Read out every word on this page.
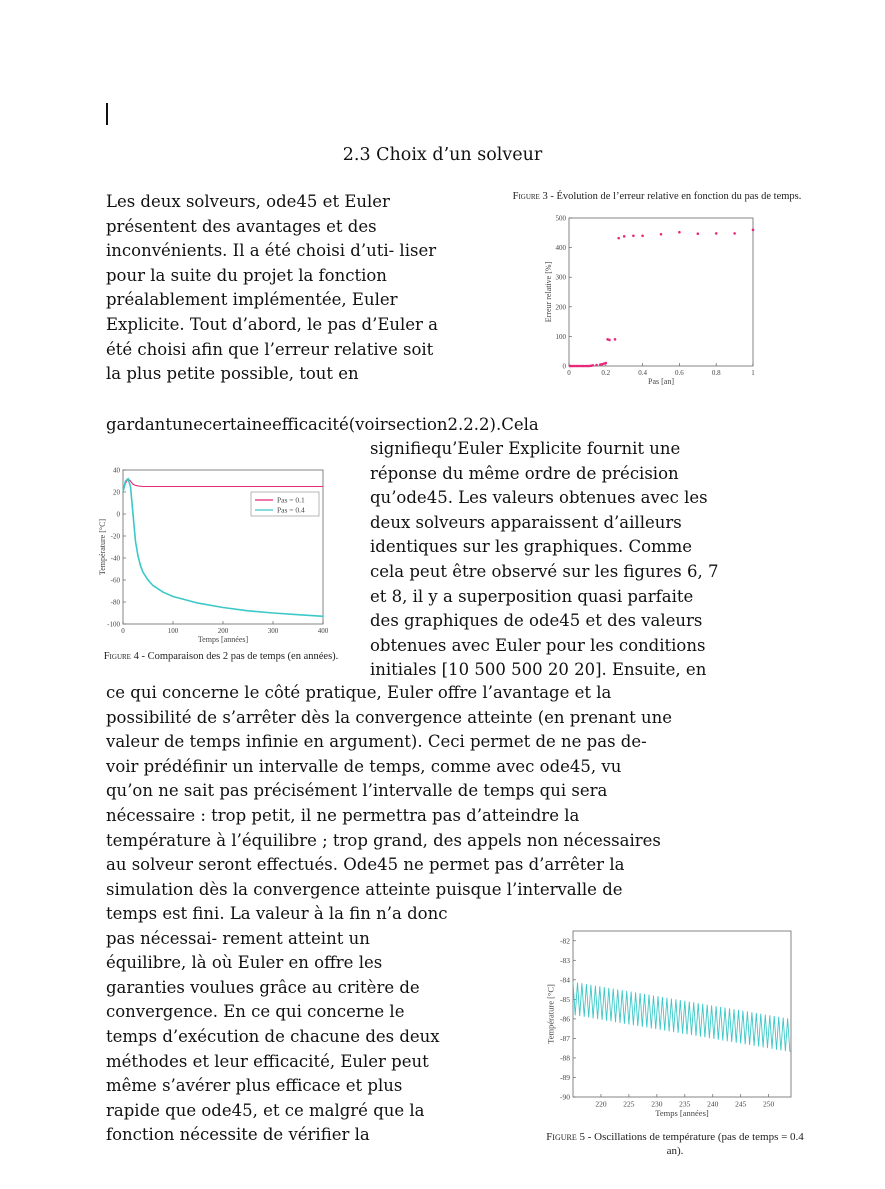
2.3 Choix d’un solveur
Les deux solveurs, ode45 et Euler
présentent des avantages et des
inconvénients. Il a été choisi d’uti- liser
pour la suite du projet la fonction
préalablement implémentée, Euler
Explicite. Tout d’abord, le pas d’Euler a
été choisi afin que l’erreur relative soit
la plus petite possible, tout en
gardantunecertaineefficacité(voirsection2.2.2).Cela
signifiequ’Euler Explicite fournit une
réponse du même ordre de précision
qu’ode45. Les valeurs obtenues avec les
deux solveurs apparaissent d’ailleurs
identiques sur les graphiques. Comme
cela peut être observé sur les figures 6, 7
et 8, il y a superposition quasi parfaite
des graphiques de ode45 et des valeurs
obtenues avec Euler pour les conditions
initiales [10 500 500 20 20]. Ensuite, en
ce qui concerne le côté pratique, Euler offre l’avantage et la
possibilité de s’arrêter dès la convergence atteinte (en prenant une
valeur de temps infinie en argument). Ceci permet de ne pas de-
voir prédéfinir un intervalle de temps, comme avec ode45, vu
qu’on ne sait pas précisément l’intervalle de temps qui sera
nécessaire : trop petit, il ne permettra pas d’atteindre la
température à l’équilibre ; trop grand, des appels non nécessaires
au solveur seront effectués. Ode45 ne permet pas d’arrêter la
simulation dès la convergence atteinte puisque l’intervalle de
temps est fini. La valeur à la fin n’a donc
pas nécessai- rement atteint un
équilibre, là où Euler en offre les
garanties voulues grâce au critère de
convergence. En ce qui concerne le
temps d’exécution de chacune des deux
méthodes et leur efficacité, Euler peut
même s’avérer plus efficace et plus
rapide que ode45, et ce malgré que la
fonction nécessite de vérifier la
Figure 3 - Évolution de l’erreur relative en fonction du pas de temps.
0	0.2	0.4	0.6	0.8	1
0
100
200
300
400
500
Pas [an]
Erreur relative [%]
0	100	200	300	400
-100
-80
-60
-40
-20
0
20
40
Temps [années]
Température [°C]
Pas = 0.1
Pas = 0.4
Figure 4 - Comparaison des 2 pas de temps (en années).
220 225 230 235 240 245 250
-82
-83
-84
-85
-86
-87
-88
-89
-90
Temps [années]
Température [°C]
Figure 5 - Oscillations de température (pas de temps = 0.4 an).
